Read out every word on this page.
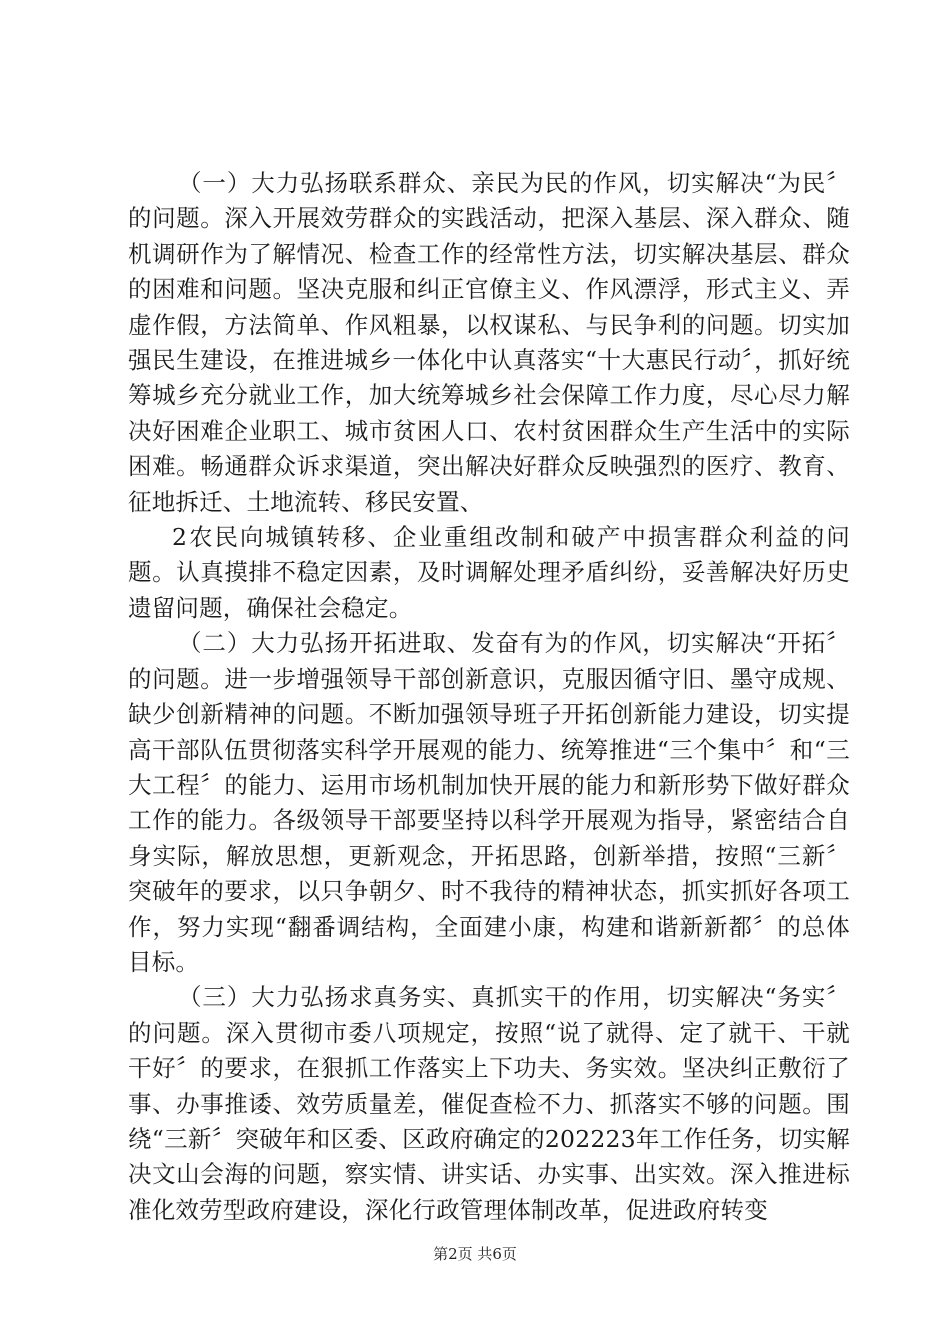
（一）大力弘扬联系群众、亲民为民的作风，切实解决“为民〞的问题。深入开展效劳群众的实践活动，把深入基层、深入群众、随机调研作为了解情况、检查工作的经常性方法，切实解决基层、群众的困难和问题。坚决克服和纠正官僚主义、作风漂浮，形式主义、弄虚作假，方法简单、作风粗暴，以权谋私、与民争利的问题。切实加强民生建设，在推进城乡一体化中认真落实“十大惠民行动〞，抓好统筹城乡充分就业工作，加大统筹城乡社会保障工作力度，尽心尽力解决好困难企业职工、城市贫困人口、农村贫困群众生产生活中的实际困难。畅通群众诉求渠道，突出解决好群众反映强烈的医疗、教育、征地拆迁、土地流转、移民安置、

2农民向城镇转移、企业重组改制和破产中损害群众利益的问题。认真摸排不稳定因素，及时调解处理矛盾纠纷，妥善解决好历史遗留问题，确保社会稳定。

（二）大力弘扬开拓进取、发奋有为的作风，切实解决“开拓〞的问题。进一步增强领导干部创新意识，克服因循守旧、墨守成规、缺少创新精神的问题。不断加强领导班子开拓创新能力建设，切实提高干部队伍贯彻落实科学开展观的能力、统筹推进“三个集中〞和“三大工程〞的能力、运用市场机制加快开展的能力和新形势下做好群众工作的能力。各级领导干部要坚持以科学开展观为指导，紧密结合自身实际，解放思想，更新观念，开拓思路，创新举措，按照“三新〞突破年的要求，以只争朝夕、时不我待的精神状态，抓实抓好各项工作，努力实现“翻番调结构，全面建小康，构建和谐新新都〞的总体目标。

（三）大力弘扬求真务实、真抓实干的作用，切实解决“务实〞的问题。深入贯彻市委八项规定，按照“说了就得、定了就干、干就干好〞的要求，在狠抓工作落实上下功夫、务实效。坚决纠正敷衍了事、办事推诿、效劳质量差，催促查检不力、抓落实不够的问题。围绕“三新〞突破年和区委、区政府确定的202223年工作任务，切实解决文山会海的问题，察实情、讲实话、办实事、出实效。深入推进标准化效劳型政府建设，深化行政管理体制改革，促进政府转变

第2页 共6页
